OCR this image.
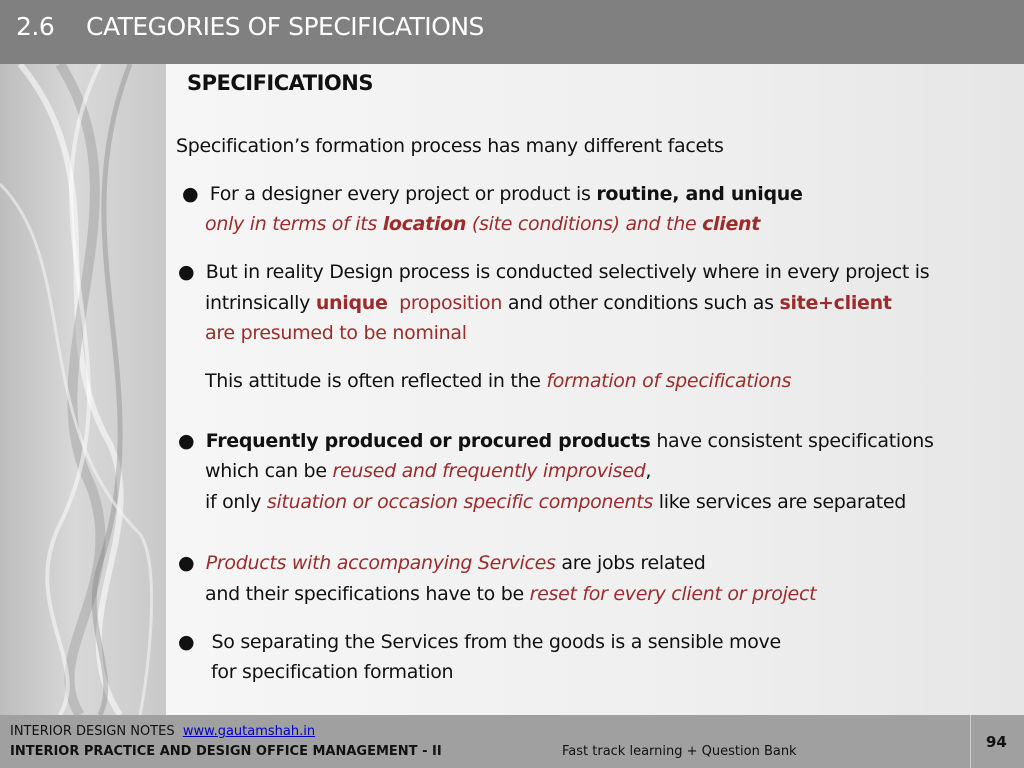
2.6 CATEGORIES OF SPECIFICATIONS
SPECIFICATIONS
Specification’s formation process has many different facets
● For a designer every project or product is routine, and unique
only in terms of its location (site conditions) and the client
● But in reality Design process is conducted selectively where in every project is
intrinsically unique proposition and other conditions such as site+client
are presumed to be nominal
This attitude is often reflected in the formation of specifications
● Frequently produced or procured products have consistent specifications
which can be reused and frequently improvised,
if only situation or occasion specific components like services are separated
● Products with accompanying Services are jobs related
and their specifications have to be reset for every client or project
● So separating the Services from the goods is a sensible move
for specification formation
INTERIOR DESIGN NOTES www.gautamshah.in
INTERIOR PRACTICE AND DESIGN OFFICE MANAGEMENT - II	Fast track learning + Question Bank
94
